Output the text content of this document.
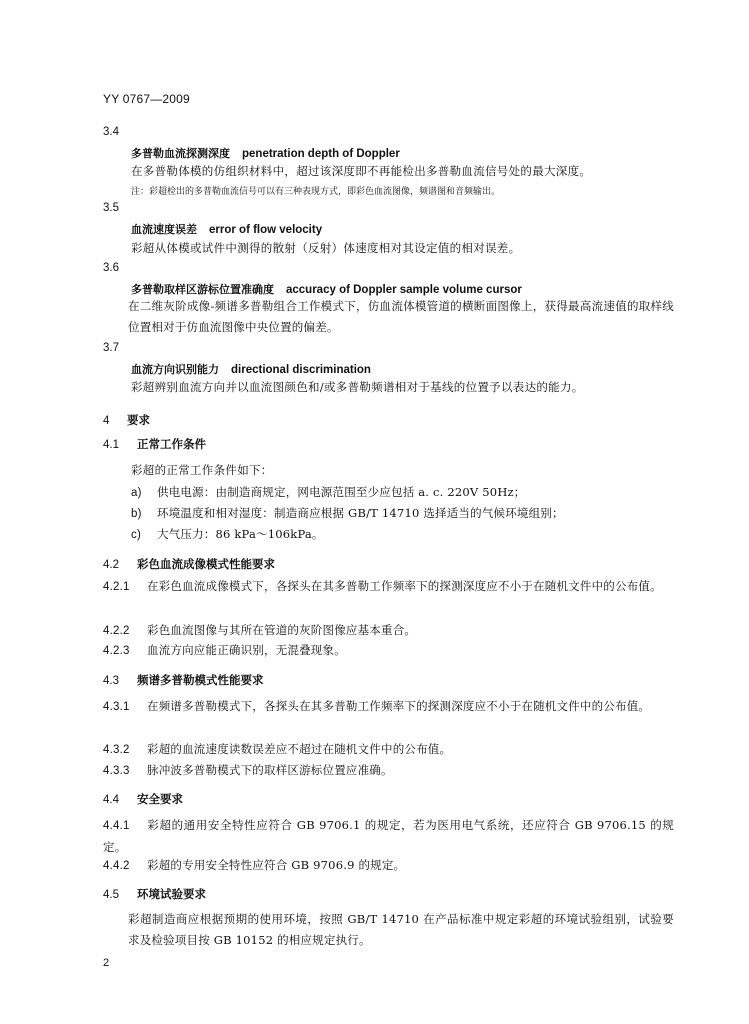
YY 0767—2009
3.4
多普勒血流探测深度 penetration depth of Doppler
在多普勒体模的仿组织材料中，超过该深度即不再能检出多普勒血流信号处的最大深度。
注：彩超检出的多普勒血流信号可以有三种表现方式，即彩色血流图像，频谱图和音频输出。
3.5
血流速度误差 error of flow velocity
彩超从体模或试件中测得的散射（反射）体速度相对其设定值的相对误差。
3.6
多普勒取样区游标位置准确度 accuracy of Doppler sample volume cursor
在二维灰阶成像-频谱多普勒组合工作模式下，仿血流体模管道的横断面图像上，获得最高流速值的取样线位置相对于仿血流图像中央位置的偏差。
3.7
血流方向识别能力 directional discrimination
彩超辨别血流方向并以血流图颜色和/或多普勒频谱相对于基线的位置予以表达的能力。
4 要求
4.1 正常工作条件
彩超的正常工作条件如下：
a) 供电电源：由制造商规定，网电源范围至少应包括 a. c. 220V 50Hz；
b) 环境温度和相对湿度：制造商应根据 GB/T 14710 选择适当的气候环境组别；
c) 大气压力：86 kPa～106kPa。
4.2 彩色血流成像模式性能要求
4.2.1 在彩色血流成像模式下，各探头在其多普勒工作频率下的探测深度应不小于在随机文件中的公布值。
4.2.2 彩色血流图像与其所在管道的灰阶图像应基本重合。
4.2.3 血流方向应能正确识别，无混叠现象。
4.3 频谱多普勒模式性能要求
4.3.1 在频谱多普勒模式下，各探头在其多普勒工作频率下的探测深度应不小于在随机文件中的公布值。
4.3.2 彩超的血流速度读数误差应不超过在随机文件中的公布值。
4.3.3 脉冲波多普勒模式下的取样区游标位置应准确。
4.4 安全要求
4.4.1 彩超的通用安全特性应符合 GB 9706.1 的规定，若为医用电气系统，还应符合 GB 9706.15 的规定。
4.4.2 彩超的专用安全特性应符合 GB 9706.9 的规定。
4.5 环境试验要求
彩超制造商应根据预期的使用环境，按照 GB/T 14710 在产品标准中规定彩超的环境试验组别，试验要求及检验项目按 GB 10152 的相应规定执行。
2
